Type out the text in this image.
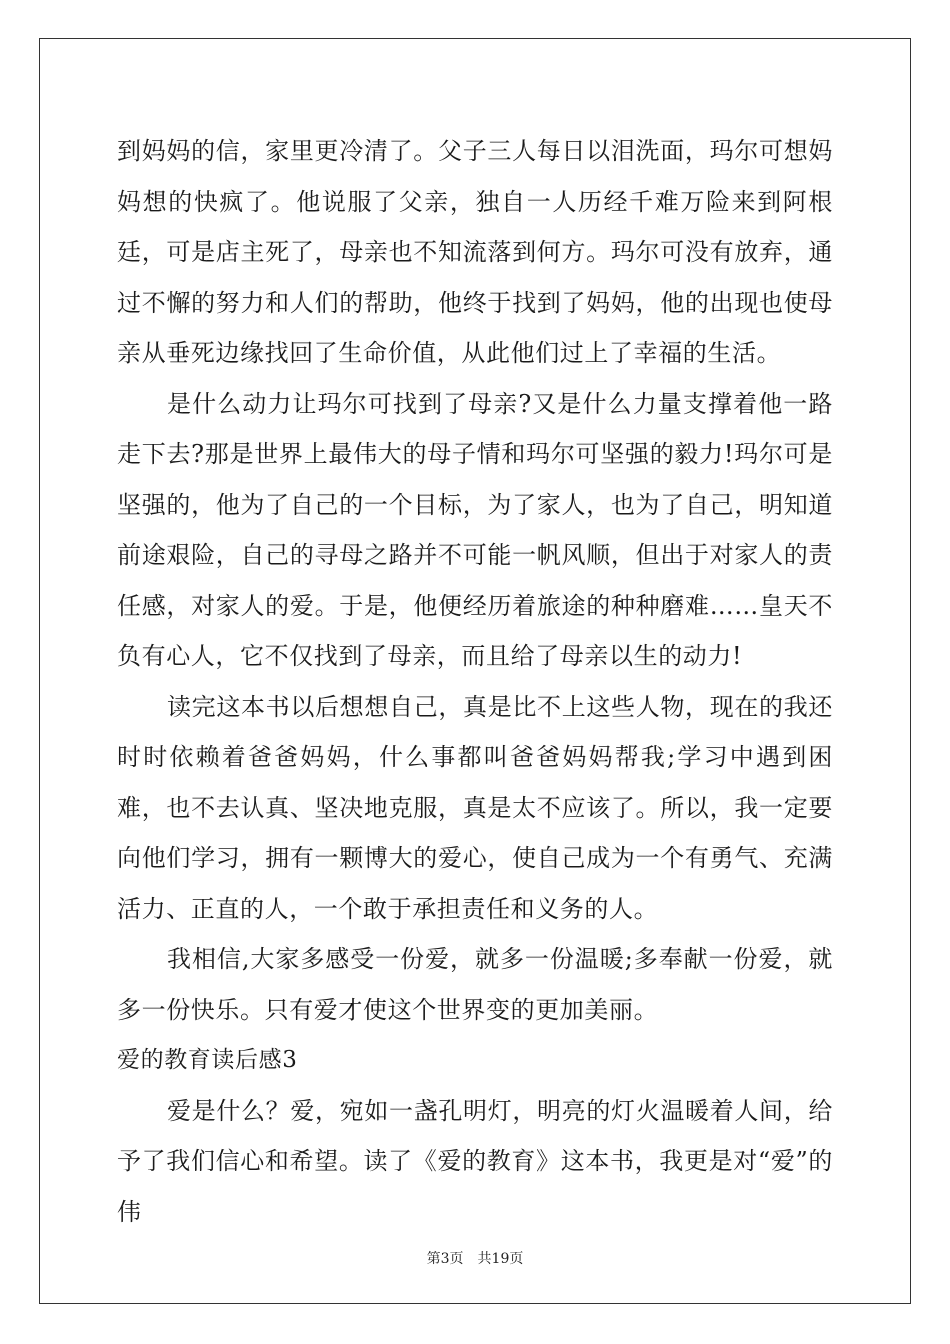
到妈妈的信，家里更冷清了。父子三人每日以泪洗面，玛尔可想妈妈想的快疯了。他说服了父亲，独自一人历经千难万险来到阿根廷，可是店主死了，母亲也不知流落到何方。玛尔可没有放弃，通过不懈的努力和人们的帮助，他终于找到了妈妈，他的出现也使母亲从垂死边缘找回了生命价值，从此他们过上了幸福的生活。

是什么动力让玛尔可找到了母亲?又是什么力量支撑着他一路走下去?那是世界上最伟大的母子情和玛尔可坚强的毅力!玛尔可是坚强的，他为了自己的一个目标，为了家人，也为了自己，明知道前途艰险，自己的寻母之路并不可能一帆风顺，但出于对家人的责任感，对家人的爱。于是，他便经历着旅途的种种磨难……皇天不负有心人，它不仅找到了母亲，而且给了母亲以生的动力!

读完这本书以后想想自己，真是比不上这些人物，现在的我还时时依赖着爸爸妈妈，什么事都叫爸爸妈妈帮我;学习中遇到困难，也不去认真、坚决地克服，真是太不应该了。所以，我一定要向他们学习，拥有一颗博大的爱心，使自己成为一个有勇气、充满活力、正直的人，一个敢于承担责任和义务的人。

我相信,大家多感受一份爱，就多一份温暖;多奉献一份爱，就多一份快乐。只有爱才使这个世界变的更加美丽。

爱的教育读后感3

爱是什么？爱，宛如一盏孔明灯，明亮的灯火温暖着人间，给予了我们信心和希望。读了《爱的教育》这本书，我更是对“爱”的伟

第3页 共19页
